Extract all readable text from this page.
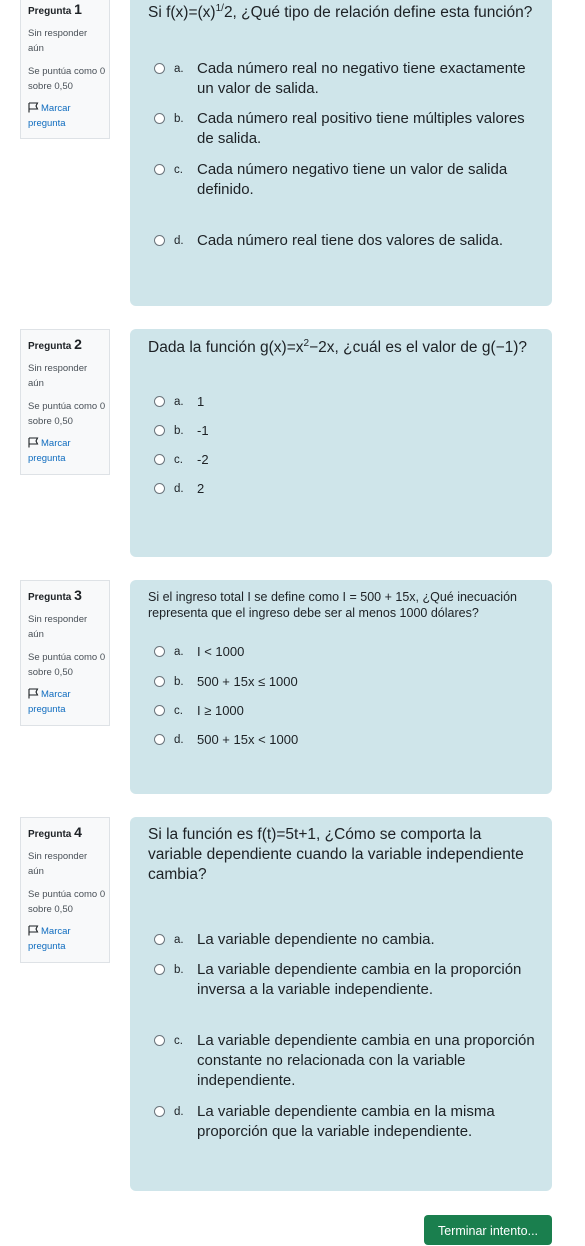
Pregunta 1
Sin responder aún
Se puntúa como 0 sobre 0,50
Marcar pregunta
Si $f(x)=(x)^{1/}2$, ¿Qué tipo de relación define esta función?
a. Cada número real no negativo tiene exactamente un valor de salida.
b. Cada número real positivo tiene múltiples valores de salida.
c. Cada número negativo tiene un valor de salida definido.
d. Cada número real tiene dos valores de salida.
Pregunta 2
Sin responder aún
Se puntúa como 0 sobre 0,50
Marcar pregunta
Dada la función $g(x)=x^2-2x$, ¿cuál es el valor de g(−1)?
a. 1
b. -1
c. -2
d. 2
Pregunta 3
Sin responder aún
Se puntúa como 0 sobre 0,50
Marcar pregunta
Si el ingreso total I se define como I = 500 + 15x, ¿Qué inecuación representa que el ingreso debe ser al menos 1000 dólares?
a. I < 1000
b. 500 + 15x ≤ 1000
c. I ≥ 1000
d. 500 + 15x < 1000
Pregunta 4
Sin responder aún
Se puntúa como 0 sobre 0,50
Marcar pregunta
Si la función es f(t)=5t+1, ¿Cómo se comporta la variable dependiente cuando la variable independiente cambia?
a. La variable dependiente no cambia.
b. La variable dependiente cambia en la proporción inversa a la variable independiente.
c. La variable dependiente cambia en una proporción constante no relacionada con la variable independiente.
d. La variable dependiente cambia en la misma proporción que la variable independiente.
Terminar intento...
